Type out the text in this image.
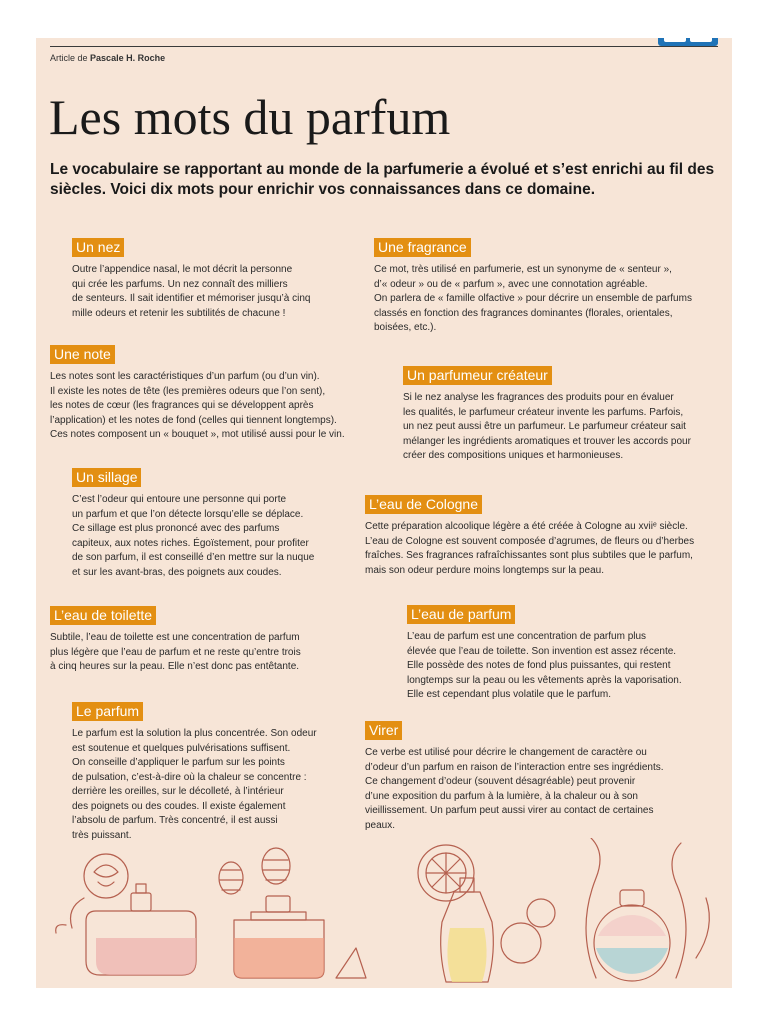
Article de Pascale H. Roche
Les mots du parfum
Le vocabulaire se rapportant au monde de la parfumerie a évolué et s’est enrichi au fil des siècles. Voici dix mots pour enrichir vos connaissances dans ce domaine.
Un nez
Outre l’appendice nasal, le mot décrit la personne
qui crée les parfums. Un nez connaît des milliers
de senteurs. Il sait identifier et mémoriser jusqu’à cinq
mille odeurs et retenir les subtilités de chacune !
Une note
Les notes sont les caractéristiques d’un parfum (ou d’un vin).
Il existe les notes de tête (les premières odeurs que l’on sent),
les notes de cœur (les fragrances qui se développent après
l’application) et les notes de fond (celles qui tiennent longtemps).
Ces notes composent un « bouquet », mot utilisé aussi pour le vin.
Un sillage
C’est l’odeur qui entoure une personne qui porte
un parfum et que l’on détecte lorsqu’elle se déplace.
Ce sillage est plus prononcé avec des parfums
capiteux, aux notes riches. Égoïstement, pour profiter
de son parfum, il est conseillé d’en mettre sur la nuque
et sur les avant-bras, des poignets aux coudes.
L’eau de toilette
Subtile, l’eau de toilette est une concentration de parfum
plus légère que l’eau de parfum et ne reste qu’entre trois
à cinq heures sur la peau. Elle n’est donc pas entêtante.
Le parfum
Le parfum est la solution la plus concentrée. Son odeur
est soutenue et quelques pulvérisations suffisent.
On conseille d’appliquer le parfum sur les points
de pulsation, c’est-à-dire où la chaleur se concentre :
derrière les oreilles, sur le décolleté, à l’intérieur
des poignets ou des coudes. Il existe également
l’absolu de parfum. Très concentré, il est aussi
très puissant.
Une fragrance
Ce mot, très utilisé en parfumerie, est un synonyme de « senteur »,
d’« odeur » ou de « parfum », avec une connotation agréable.
On parlera de « famille olfactive » pour décrire un ensemble de parfums
classés en fonction des fragrances dominantes (florales, orientales,
boisées, etc.).
Un parfumeur créateur
Si le nez analyse les fragrances des produits pour en évaluer
les qualités, le parfumeur créateur invente les parfums. Parfois,
un nez peut aussi être un parfumeur. Le parfumeur créateur sait
mélanger les ingrédients aromatiques et trouver les accords pour
créer des compositions uniques et harmonieuses.
L’eau de Cologne
Cette préparation alcoolique légère a été créée à Cologne au xviiᵉ siècle.
L’eau de Cologne est souvent composée d’agrumes, de fleurs ou d’herbes
fraîches. Ses fragrances rafraîchissantes sont plus subtiles que le parfum,
mais son odeur perdure moins longtemps sur la peau.
L’eau de parfum
L’eau de parfum est une concentration de parfum plus
élevée que l’eau de toilette. Son invention est assez récente.
Elle possède des notes de fond plus puissantes, qui restent
longtemps sur la peau ou les vêtements après la vaporisation.
Elle est cependant plus volatile que le parfum.
Virer
Ce verbe est utilisé pour décrire le changement de caractère ou
d’odeur d’un parfum en raison de l’interaction entre ses ingrédients.
Ce changement d’odeur (souvent désagréable) peut provenir
d’une exposition du parfum à la lumière, à la chaleur ou à son
vieillissement. Un parfum peut aussi virer au contact de certaines
peaux.
